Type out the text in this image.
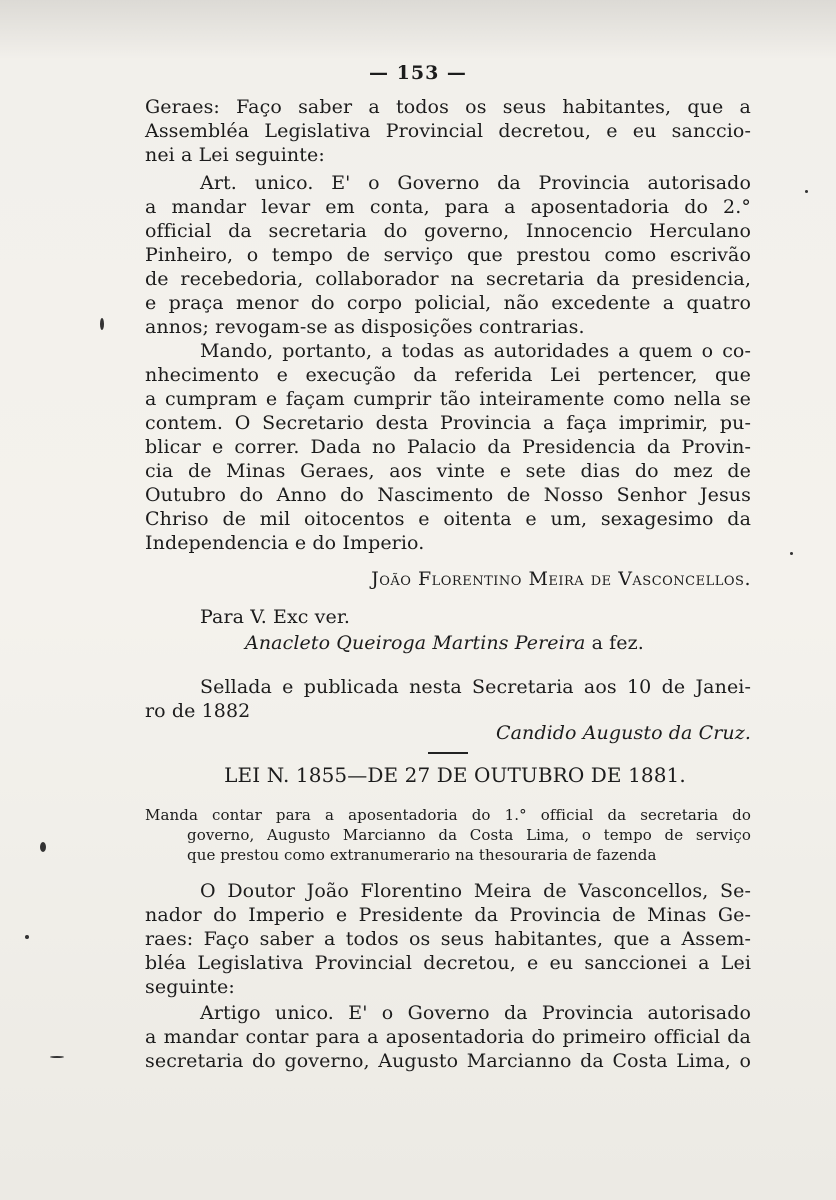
— 153 —
Geraes: Faço saber a todos os seus habitantes, que a
Assembléa Legislativa Provincial decretou, e eu sanccio-
nei a Lei seguinte:
Art. unico. E' o Governo da Provincia autorisado
a mandar levar em conta, para a aposentadoria do 2.°
official da secretaria do governo, Innocencio Herculano
Pinheiro, o tempo de serviço que prestou como escrivão
de recebedoria, collaborador na secretaria da presidencia,
e praça menor do corpo policial, não excedente a quatro
annos; revogam-se as disposições contrarias.
Mando, portanto, a todas as autoridades a quem o co-
nhecimento e execução da referida Lei pertencer, que
a cumpram e façam cumprir tão inteiramente como nella se
contem. O Secretario desta Provincia a faça imprimir, pu-
blicar e correr. Dada no Palacio da Presidencia da Provin-
cia de Minas Geraes, aos vinte e sete dias do mez de
Outubro do Anno do Nascimento de Nosso Senhor Jesus
Chriso de mil oitocentos e oitenta e um, sexagesimo da
Independencia e do Imperio.
João Florentino Meira de Vasconcellos.
Para V. Exc ver.
Anacleto Queiroga Martins Pereira a fez.
Sellada e publicada nesta Secretaria aos 10 de Janei-
ro de 1882
Candido Augusto da Cruz.
LEI N. 1855—DE 27 DE OUTUBRO DE 1881.
Manda contar para a aposentadoria do 1.° official da secretaria do
governo, Augusto Marcianno da Costa Lima, o tempo de serviço
que prestou como extranumerario na thesouraria de fazenda
O Doutor João Florentino Meira de Vasconcellos, Se-
nador do Imperio e Presidente da Provincia de Minas Ge-
raes: Faço saber a todos os seus habitantes, que a Assem-
bléa Legislativa Provincial decretou, e eu sanccionei a Lei
seguinte:
Artigo unico. E' o Governo da Provincia autorisado
a mandar contar para a aposentadoria do primeiro official da
secretaria do governo, Augusto Marcianno da Costa Lima, o
